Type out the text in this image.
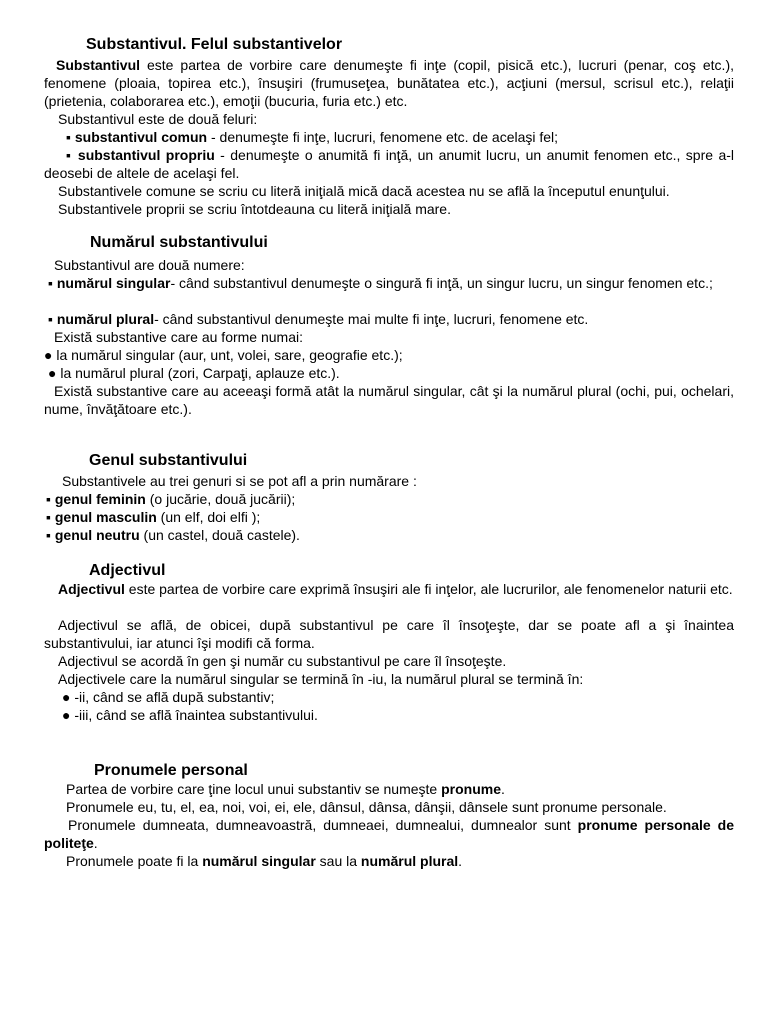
Substantivul. Felul substantivelor
Substantivul este partea de vorbire care denumeşte fi inţe (copil, pisică etc.), lucruri (penar, coş etc.), fenomene (ploaia, topirea etc.), însuşiri (frumuseţea, bunătatea etc.), acţiuni (mersul, scrisul etc.), relaţii (prietenia, colaborarea etc.), emoţii (bucuria, furia etc.) etc.
Substantivul este de două feluri:
▪ substantivul comun - denumeşte fi inţe, lucruri, fenomene etc. de acelaşi fel;
▪ substantivul propriu - denumeşte o anumită fi inţă, un anumit lucru, un anumit fenomen etc., spre a-l deosebi de altele de acelaşi fel.
Substantivele comune se scriu cu literă iniţială mică dacă acestea nu se află la începutul enunţului.
Substantivele proprii se scriu întotdeauna cu literă iniţială mare.
Numărul substantivului
Substantivul are două numere:
▪ numărul singular- când substantivul denumeşte o singură fi inţă, un singur lucru, un singur fenomen etc.;
▪ numărul plural- când substantivul denumeşte mai multe fi inţe, lucruri, fenomene etc.
Există substantive care au forme numai:
● la numărul singular (aur, unt, volei, sare, geografie etc.);
● la numărul plural (zori, Carpaţi, aplauze etc.).
Există substantive care au aceeaşi formă atât la numărul singular, cât şi la numărul plural (ochi, pui, ochelari, nume, învăţătoare etc.).
Genul substantivului
Substantivele au trei genuri si se pot afl a prin numărare :
▪ genul feminin (o jucărie, două jucării);
▪ genul masculin (un elf, doi elfi );
▪ genul neutru (un castel, două castele).
Adjectivul
Adjectivul este partea de vorbire care exprimă însuşiri ale fi inţelor, ale lucrurilor, ale fenomenelor naturii etc.
Adjectivul se află, de obicei, după substantivul pe care îl însoţeşte, dar se poate afl a şi înaintea substantivului, iar atunci îşi modifi că forma.
Adjectivul se acordă în gen şi număr cu substantivul pe care îl însoţeşte.
Adjectivele care la numărul singular se termină în -iu, la numărul plural se termină în:
● -ii, când se află după substantiv;
● -iii, când se află înaintea substantivului.
Pronumele personal
Partea de vorbire care ţine locul unui substantiv se numeşte pronume.
Pronumele eu, tu, el, ea, noi, voi, ei, ele, dânsul, dânsa, dânşii, dânsele sunt pronume personale.
Pronumele dumneata, dumneavoastră, dumneaei, dumnealui, dumnealor sunt pronume personale de politeţe.
Pronumele poate fi la numărul singular sau la numărul plural.
